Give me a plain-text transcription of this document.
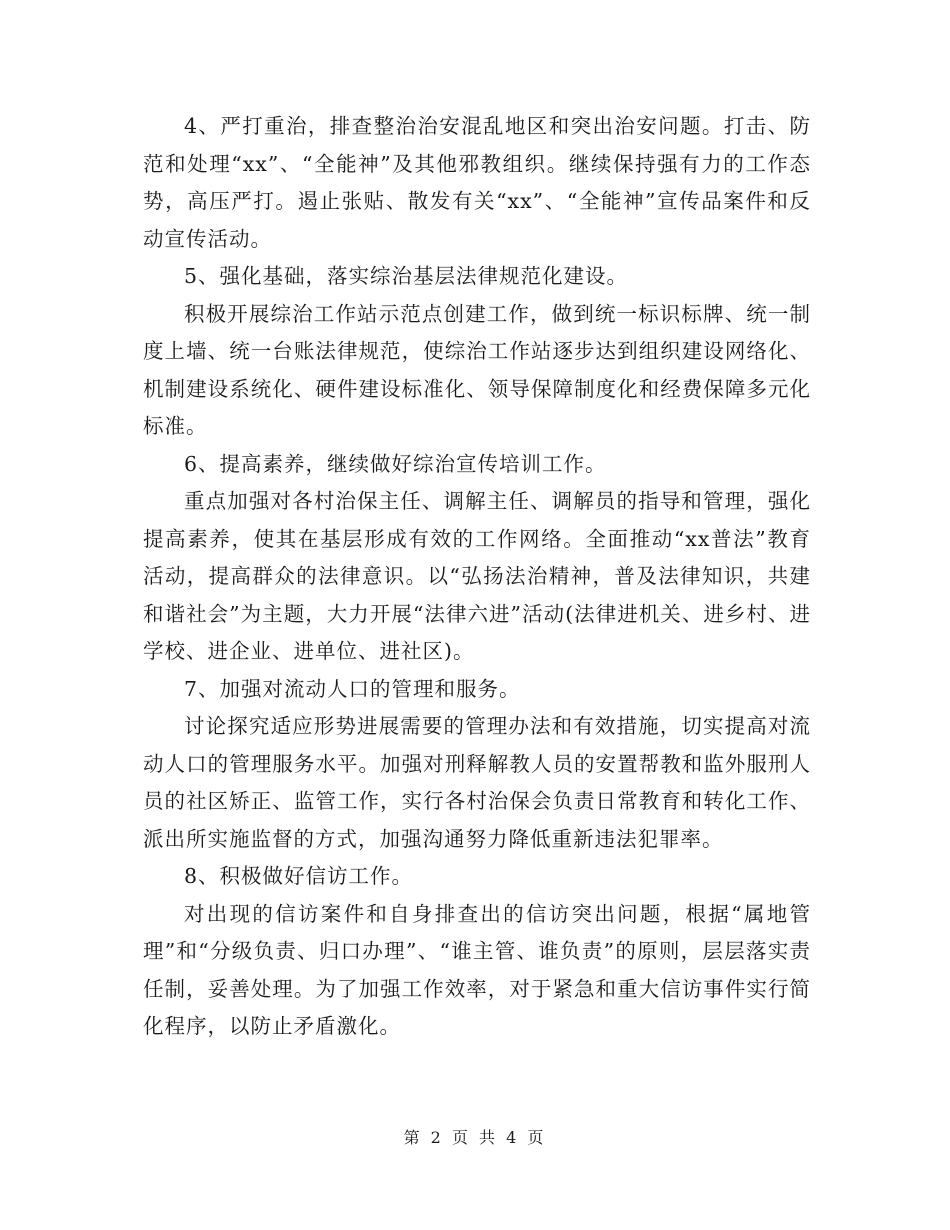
4、严打重治，排查整治治安混乱地区和突出治安问题。打击、防范和处理“xx”、“全能神”及其他邪教组织。继续保持强有力的工作态势，高压严打。遏止张贴、散发有关“xx”、“全能神”宣传品案件和反动宣传活动。

5、强化基础，落实综治基层法律规范化建设。

积极开展综治工作站示范点创建工作，做到统一标识标牌、统一制度上墙、统一台账法律规范，使综治工作站逐步达到组织建设网络化、机制建设系统化、硬件建设标准化、领导保障制度化和经费保障多元化标准。

6、提高素养，继续做好综治宣传培训工作。

重点加强对各村治保主任、调解主任、调解员的指导和管理，强化提高素养，使其在基层形成有效的工作网络。全面推动“xx普法”教育活动，提高群众的法律意识。以“弘扬法治精神，普及法律知识，共建和谐社会”为主题，大力开展“法律六进”活动(法律进机关、进乡村、进学校、进企业、进单位、进社区)。

7、加强对流动人口的管理和服务。

讨论探究适应形势进展需要的管理办法和有效措施，切实提高对流动人口的管理服务水平。加强对刑释解教人员的安置帮教和监外服刑人员的社区矫正、监管工作，实行各村治保会负责日常教育和转化工作、派出所实施监督的方式，加强沟通努力降低重新违法犯罪率。

8、积极做好信访工作。

对出现的信访案件和自身排查出的信访突出问题，根据“属地管理”和“分级负责、归口办理”、“谁主管、谁负责”的原则，层层落实责任制，妥善处理。为了加强工作效率，对于紧急和重大信访事件实行简化程序，以防止矛盾激化。

第 2 页 共 4 页
